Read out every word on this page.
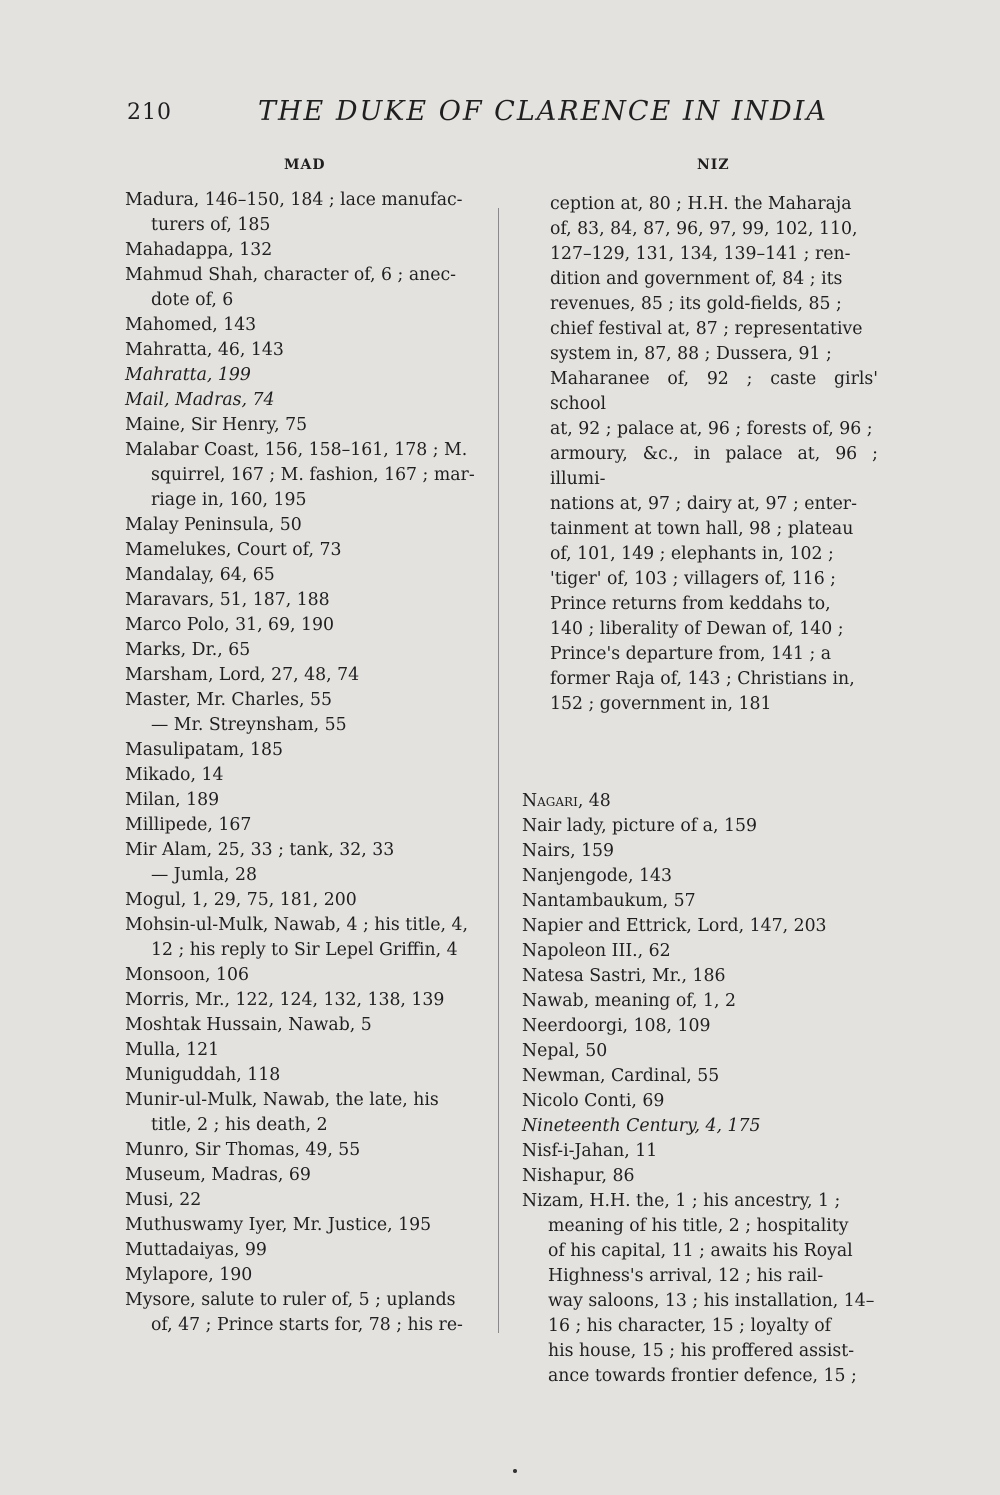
210	THE DUKE OF CLARENCE IN INDIA
MAD	NIZ
Madura, 146–150, 184 ; lace manufac-
turers of, 185
Mahadappa, 132
Mahmud Shah, character of, 6 ; anec-
dote of, 6
Mahomed, 143
Mahratta, 46, 143
Mahratta, 199
Mail, Madras, 74
Maine, Sir Henry, 75
Malabar Coast, 156, 158–161, 178 ; M.
squirrel, 167 ; M. fashion, 167 ; mar-
riage in, 160, 195
Malay Peninsula, 50
Mamelukes, Court of, 73
Mandalay, 64, 65
Maravars, 51, 187, 188
Marco Polo, 31, 69, 190
Marks, Dr., 65
Marsham, Lord, 27, 48, 74
Master, Mr. Charles, 55
— Mr. Streynsham, 55
Masulipatam, 185
Mikado, 14
Milan, 189
Millipede, 167
Mir Alam, 25, 33 ; tank, 32, 33
— Jumla, 28
Mogul, 1, 29, 75, 181, 200
Mohsin-ul-Mulk, Nawab, 4 ; his title, 4,
12 ; his reply to Sir Lepel Griffin, 4
Monsoon, 106
Morris, Mr., 122, 124, 132, 138, 139
Moshtak Hussain, Nawab, 5
Mulla, 121
Muniguddah, 118
Munir-ul-Mulk, Nawab, the late, his
title, 2 ; his death, 2
Munro, Sir Thomas, 49, 55
Museum, Madras, 69
Musi, 22
Muthuswamy Iyer, Mr. Justice, 195
Muttadaiyas, 99
Mylapore, 190
Mysore, salute to ruler of, 5 ; uplands
of, 47 ; Prince starts for, 78 ; his re-
ception at, 80 ; H.H. the Maharaja
of, 83, 84, 87, 96, 97, 99, 102, 110,
127–129, 131, 134, 139–141 ; ren-
dition and government of, 84 ; its
revenues, 85 ; its gold-fields, 85 ;
chief festival at, 87 ; representative
system in, 87, 88 ; Dussera, 91 ;
Maharanee of, 92 ; caste girls' school
at, 92 ; palace at, 96 ; forests of, 96 ;
armoury, &c., in palace at, 96 ; illumi-
nations at, 97 ; dairy at, 97 ; enter-
tainment at town hall, 98 ; plateau
of, 101, 149 ; elephants in, 102 ;
'tiger' of, 103 ; villagers of, 116 ;
Prince returns from keddahs to,
140 ; liberality of Dewan of, 140 ;
Prince's departure from, 141 ; a
former Raja of, 143 ; Christians in,
152 ; government in, 181
Nagari, 48
Nair lady, picture of a, 159
Nairs, 159
Nanjengode, 143
Nantambaukum, 57
Napier and Ettrick, Lord, 147, 203
Napoleon III., 62
Natesa Sastri, Mr., 186
Nawab, meaning of, 1, 2
Neerdoorgi, 108, 109
Nepal, 50
Newman, Cardinal, 55
Nicolo Conti, 69
Nineteenth Century, 4, 175
Nisf-i-Jahan, 11
Nishapur, 86
Nizam, H.H. the, 1 ; his ancestry, 1 ;
meaning of his title, 2 ; hospitality
of his capital, 11 ; awaits his Royal
Highness's arrival, 12 ; his rail-
way saloons, 13 ; his installation, 14–
16 ; his character, 15 ; loyalty of
his house, 15 ; his proffered assist-
ance towards frontier defence, 15 ;
